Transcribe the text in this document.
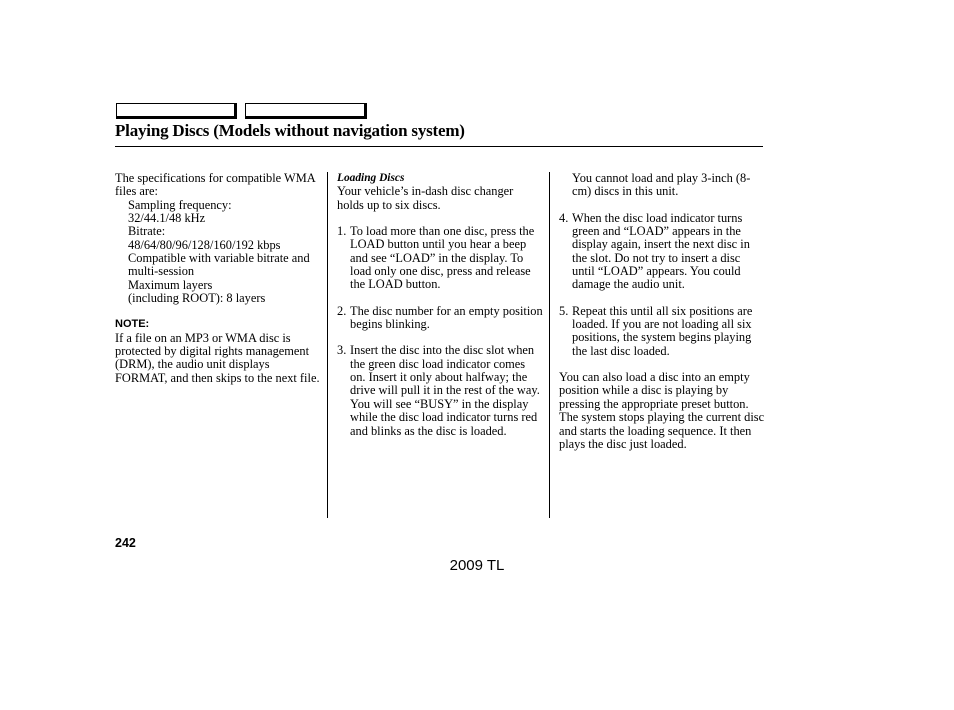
Playing Discs (Models without navigation system)

The specifications for compatible WMA files are:

Sampling frequency:

32/44.1/48 kHz

Bitrate:

48/64/80/96/128/160/192 kbps

Compatible with variable bitrate and multi-session

Maximum layers

(including ROOT): 8 layers

NOTE:

If a file on an MP3 or WMA disc is protected by digital rights management (DRM), the audio unit displays FORMAT, and then skips to the next file.

Loading Discs

Your vehicle’s in-dash disc changer holds up to six discs.

1. To load more than one disc, press the LOAD button until you hear a beep and see “LOAD” in the display. To load only one disc, press and release the LOAD button.
2. The disc number for an empty position begins blinking.
3. Insert the disc into the disc slot when the green disc load indicator comes on. Insert it only about halfway; the drive will pull it in the rest of the way. You will see “BUSY” in the display while the disc load indicator turns red and blinks as the disc is loaded.

You cannot load and play 3-inch (8-cm) discs in this unit.

4. When the disc load indicator turns green and “LOAD” appears in the display again, insert the next disc in the slot. Do not try to insert a disc until “LOAD” appears. You could damage the audio unit.
5. Repeat this until all six positions are loaded. If you are not loading all six positions, the system begins playing the last disc loaded.

You can also load a disc into an empty position while a disc is playing by pressing the appropriate preset button. The system stops playing the current disc and starts the loading sequence. It then plays the disc just loaded.

242
2009 TL
